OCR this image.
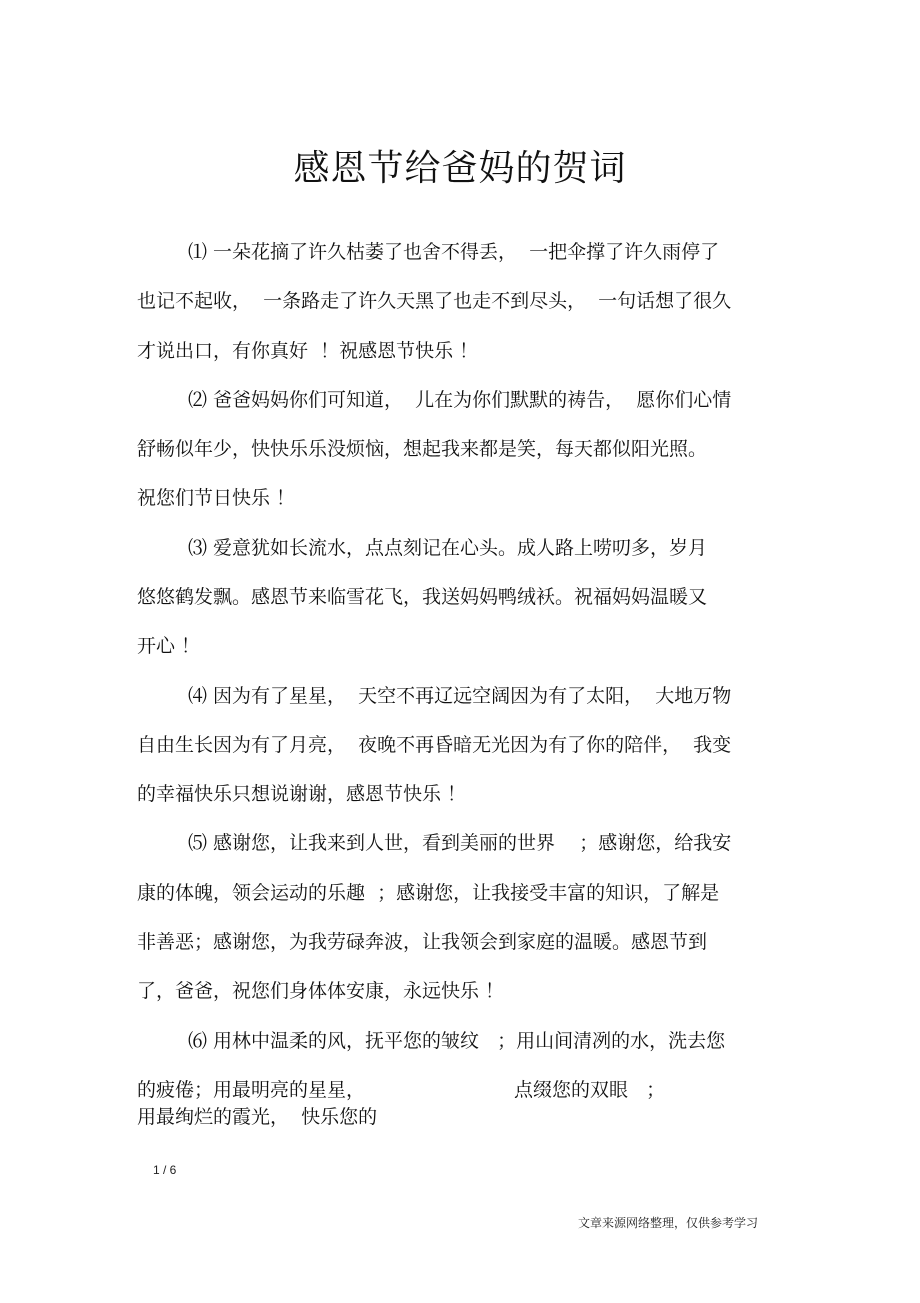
感恩节给爸妈的贺词
⑴ 一朵花摘了许久枯萎了也舍不得丢，  一把伞撑了许久雨停了
也记不起收，  一条路走了许久天黑了也走不到尽头，  一句话想了很久
才说出口，有你真好  ！祝感恩节快乐 ！
⑵ 爸爸妈妈你们可知道，  儿在为你们默默的祷告，  愿你们心情
舒畅似年少，快快乐乐没烦恼，想起我来都是笑，每天都似阳光照。
祝您们节日快乐 ！
⑶ 爱意犹如长流水，点点刻记在心头。成人路上唠叨多，岁月
悠悠鹤发飘。感恩节来临雪花飞，我送妈妈鸭绒袄。祝福妈妈温暖又
开心 ！
⑷ 因为有了星星，  天空不再辽远空阔因为有了太阳，  大地万物
自由生长因为有了月亮，  夜晚不再昏暗无光因为有了你的陪伴，  我变
的幸福快乐只想说谢谢，感恩节快乐 ！
⑸ 感谢您，让我来到人世，看到美丽的世界    ；感谢您，给我安
康的体魄，领会运动的乐趣  ；感谢您，让我接受丰富的知识，了解是
非善恶；感谢您，为我劳碌奔波，让我领会到家庭的温暖。感恩节到
了，爸爸，祝您们身体体安康，永远快乐 ！
⑹ 用林中温柔的风，抚平您的皱纹   ；用山间清冽的水，洗去您
的疲倦；用最明亮的星星，	点缀您的双眼   ；
用最绚烂的霞光，  快乐您的
1 / 6
文章来源网络整理，仅供参考学习
